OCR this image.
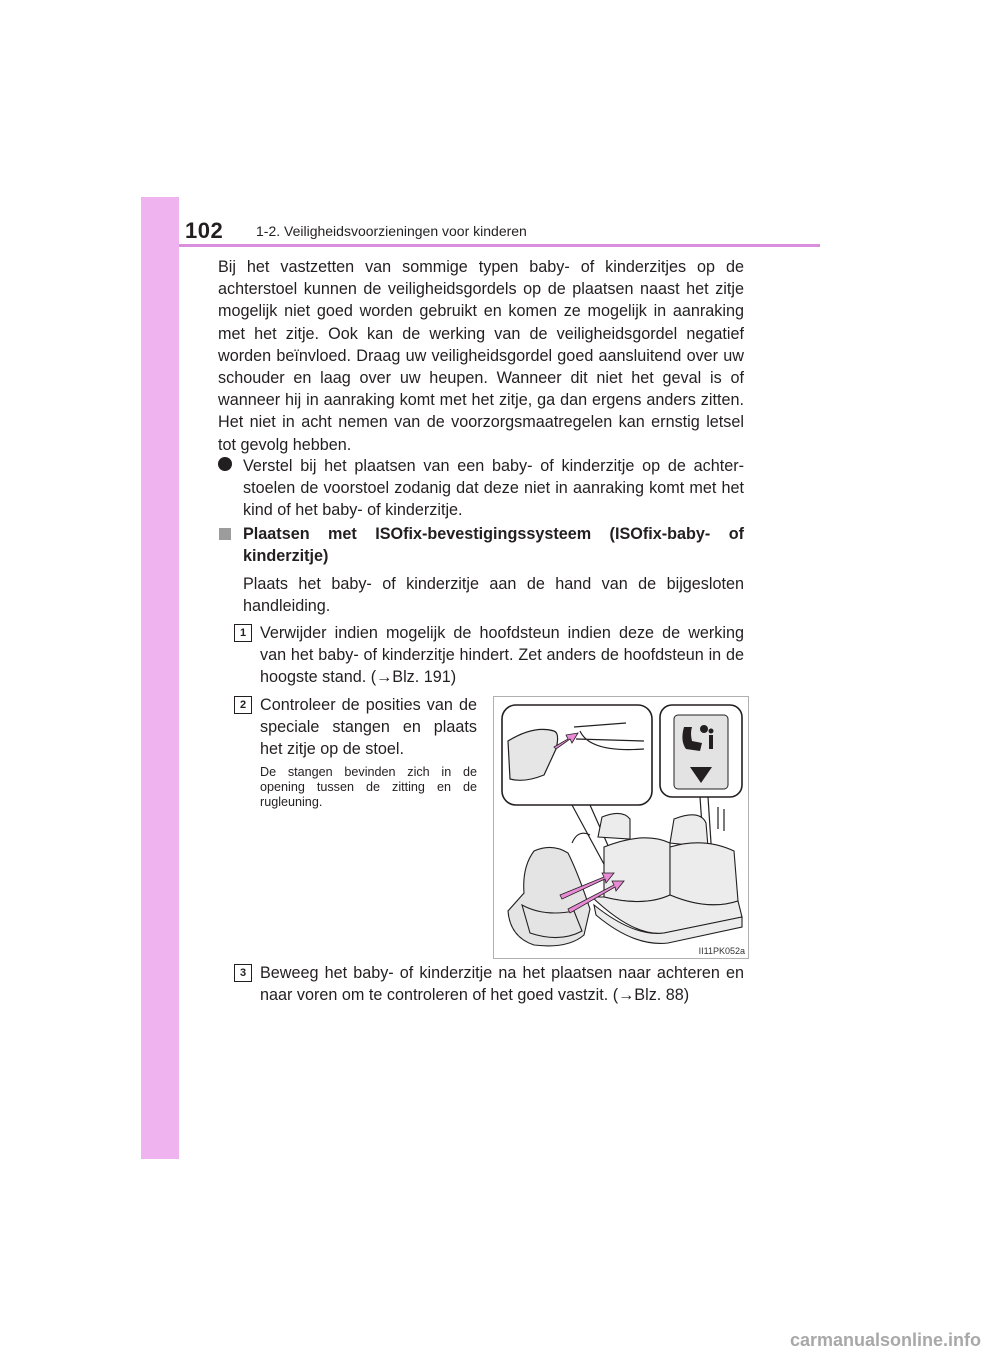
102 1-2. Veiligheidsvoorzieningen voor kinderen

Bij het vastzetten van sommige typen baby- of kinderzitjes op de achterstoel kunnen de veiligheidsgordels op de plaatsen naast het zitje mogelijk niet goed worden gebruikt en komen ze mogelijk in aanraking met het zitje. Ook kan de werking van de veiligheidsgordel negatief worden beïnvloed. Draag uw veiligheidsgordel goed aansluitend over uw schouder en laag over uw heupen. Wanneer dit niet het geval is of wanneer hij in aanraking komt met het zitje, ga dan ergens anders zitten. Het niet in acht nemen van de voorzorgsmaatregelen kan ernstig letsel tot gevolg hebben.

Verstel bij het plaatsen van een baby- of kinderzitje op de achterstoelen de voorstoel zodanig dat deze niet in aanraking komt met het kind of het baby- of kinderzitje.

Plaatsen met ISOfix-bevestigingssysteem (ISOfix-baby- of kinderzitje)

Plaats het baby- of kinderzitje aan de hand van de bijgesloten handleiding.

1 Verwijder indien mogelijk de hoofdsteun indien deze de werking van het baby- of kinderzitje hindert. Zet anders de hoofdsteun in de hoogste stand. (→Blz. 191)

2 Controleer de posities van de speciale stangen en plaats het zitje op de stoel.

De stangen bevinden zich in de opening tussen de zitting en de rugleuning.

II11PK052a
3 Beweeg het baby- of kinderzitje na het plaatsen naar achteren en naar voren om te controleren of het goed vastzit. (→Blz. 88)

carmanualsonline.info
